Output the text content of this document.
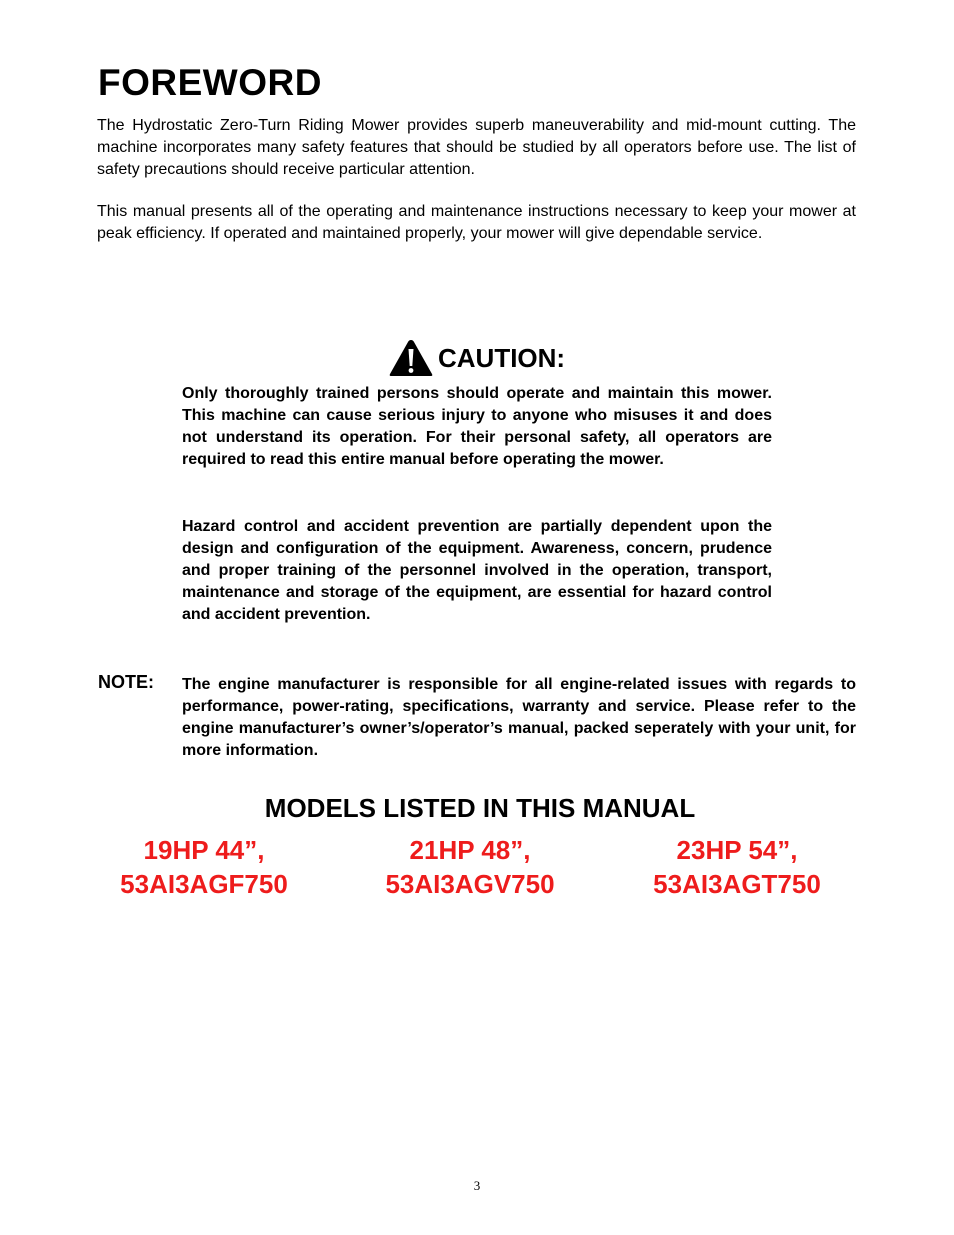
FOREWORD

The Hydrostatic Zero-Turn Riding Mower provides superb maneuverability and mid-mount cutting. The machine incorporates many safety features that should be studied by all operators before use. The list of safety precautions should receive particular attention.

This manual presents all of the operating and maintenance instructions necessary to keep your mower at peak efficiency. If operated and maintained properly, your mower will give dependable service.

CAUTION:

Only thoroughly trained persons should operate and maintain this mower. This machine can cause serious injury to anyone who misuses it and does not understand its operation. For their personal safety, all operators are required to read this entire manual before operating the mower.

Hazard control and accident prevention are partially dependent upon the design and configuration of the equipment. Awareness, concern, prudence and proper training of the personnel involved in the operation, transport, maintenance and storage of the equipment, are essential for hazard control and accident prevention.

NOTE: The engine manufacturer is responsible for all engine-related issues with regards to performance, power-rating, specifications, warranty and service. Please refer to the engine manufacturer’s owner’s/operator’s manual, packed seperately with your unit, for more information.

MODELS LISTED IN THIS MANUAL
19HP 44”,
53AI3AGF750
21HP 48”,
53AI3AGV750
23HP 54”,
53AI3AGT750
3
